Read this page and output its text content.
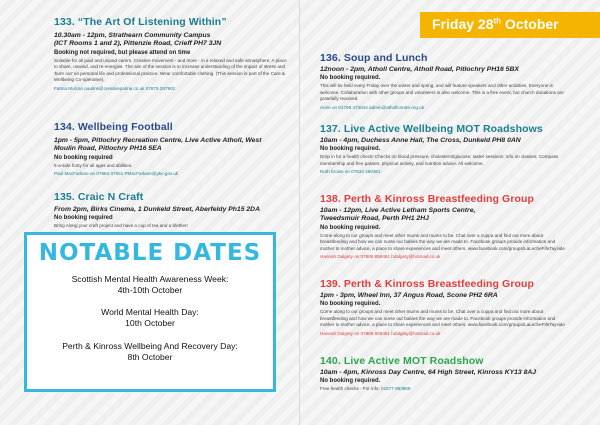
133. “The Art Of Listening Within”
10.30am - 12pm, Strathearn Community Campus
(ICT Rooms 1 and 2), Pittenzie Road, Crieff PH7 3JN
Booking not required, but please attend on time
Suitable for all paid and unpaid carers. Creative movement - and more - in a relaxed and safe atmosphere. A place to share, unwind, and re-energise. The aim of the session is to increase understanding of the impact of stress and 'burn out' on personal life and professional practice. Wear comfortable clothing. (This session is part of the Care & Wellbeing Co-operative).
Fatma Mulcan paulins@creativepalma.co.uk 07875 267902
134. Wellbeing Football
1pm - 5pm, Pitlochry Recreation Centre, Live Active Atholl, West
Moulin Road, Pitlochry PH16 5EA
No booking required
5-a-side footy for all ages and abilities.
Paul MacFarlane on 07884 47651 PMacFarlane@pkc.gov.uk
135. Craic N Craft
From 2pm, Birks Cinema, 1 Dunkeld Street, Aberfeldy Ph15 2DA
No booking required
Bring Along your craft project and have a cup of tea and a blether!
NOTABLE DATES
Scottish Mental Health Awareness Week:
4th-10th October
World Mental Health Day:
10th October
Perth & Kinross Wellbeing And Recovery Day:
8th October
136. Soup and Lunch
12noon - 2pm, Atholl Centre, Atholl Road, Pitlochry PH16 5BX
No booking required.
This will be held every Friday over the winter and spring, and will feature speakers and other activities. Everyone is welcome. Collaboration with other groups and volunteers is also welcome. This is a free event, but church donations are gratefully received.
Anne on 01796 473044 admin@athollcentre.org.uk
137. Live Active Wellbeing MOT Roadshows
10am - 4pm, Duchess Anne Hall, The Cross, Dunkeld PH8 0AN
No booking required.
Drop in for a health check! Checks on blood pressure, cholesterol/glucose; taster sessions; info on classes; Compass membership and free passes; physical activity, and nutrition advice. All welcome.
Ruth brown on 07834 490361
138. Perth & Kinross Breastfeeding Group
10am - 12pm, Live Active Letham Sports Centre,
Tweedsmuir Road, Perth PH1 2HJ
No booking required.
Come along to our groups and meet other mums and mums to be. Chat over a cuppa and find out more about breastfeeding and how we can nurse our babies the way we are made to. Facebook groups provide information and mother to mother advice, a place to share experiences and meet others. www.facebook.com/groups/LaLecheFifeTayside
Hannah Dalgety on 07886 859461 hdalgety@hotmail.co.uk
139. Perth & Kinross Breastfeeding Group
1pm - 3pm, Wheel Inn, 37 Angus Road, Scone PH2 6RA
No booking required.
Come along to our groups and meet other mums and mums to be. Chat over a cuppa and find out more about breastfeeding and how we can nurse our babies the way we are made to. Facebook groups provide information and mother to mother advice, a place to share experiences and meet others. www.facebook.com/groups/LaLecheFifeTayside
Hannah Dalgety on 07886 859461 hdalgety@hotmail.co.uk
140. Live Active MOT Roadshow
10am - 4pm, Kinross Day Centre, 64 High Street, Kinross KY13 8AJ
No booking required.
Free health checks - For info: 01577 863869
Friday 28th October
